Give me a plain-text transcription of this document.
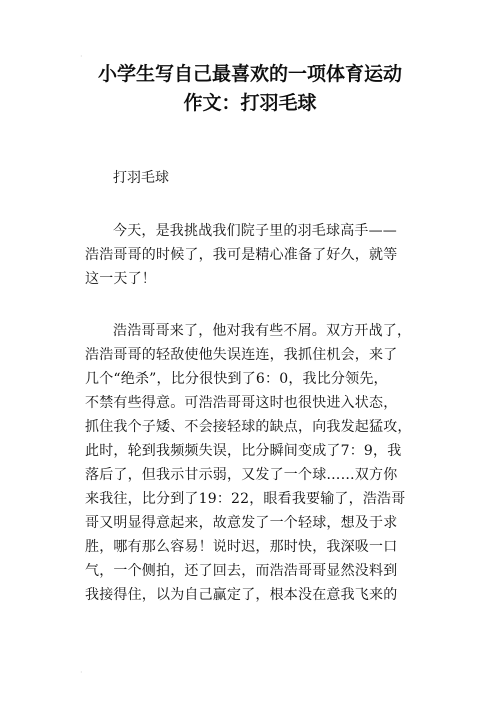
小学生写自己最喜欢的一项体育运动
作文：打羽毛球
打羽毛球
今天，是我挑战我们院子里的羽毛球高手——
浩浩哥哥的时候了，我可是精心准备了好久，就等
这一天了！
浩浩哥哥来了，他对我有些不屑。双方开战了，
浩浩哥哥的轻敌使他失误连连，我抓住机会，来了
几个“绝杀”，比分很快到了6：0，我比分领先，
不禁有些得意。可浩浩哥哥这时也很快进入状态，
抓住我个子矮、不会接轻球的缺点，向我发起猛攻，
此时，轮到我频频失误，比分瞬间变成了7：9，我
落后了，但我示甘示弱，又发了一个球……双方你
来我往，比分到了19：22，眼看我要输了，浩浩哥
哥又明显得意起来，故意发了一个轻球，想及于求
胜，哪有那么容易！说时迟，那时快，我深吸一口
气，一个侧拍，还了回去，而浩浩哥哥显然没料到
我接得住，以为自己赢定了，根本没在意我飞来的
·
·
